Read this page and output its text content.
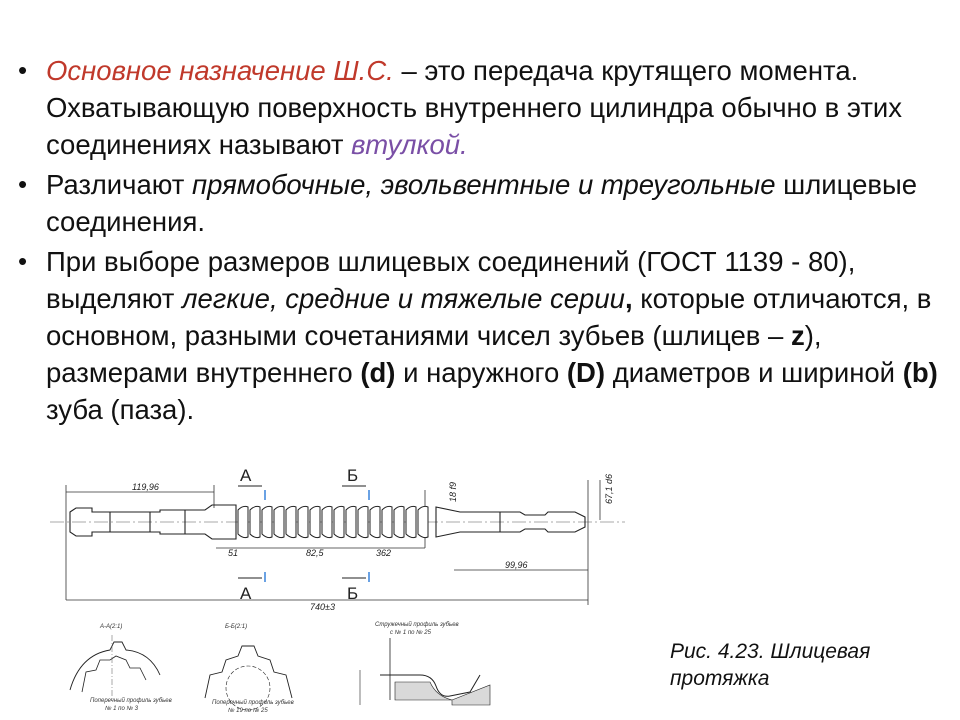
• Основное назначение Ш.С. – это передача крутящего момента. Охватывающую поверхность внутреннего цилиндра обычно в этих соединениях называют втулкой.
• Различают прямобочные, эвольвентные и треугольные шлицевые соединения.
• При выборе размеров шлицевых соединений (ГОСТ 1139 - 80), выделяют легкие, средние и тяжелые серии, которые отличаются, в основном, разными сочетаниями чисел зубьев (шлицев – z), размерами внутреннего (d) и наружного (D) диаметров и шириной (b) зуба (паза).
А
А
Б
Б
119,96
740±3
99,96
51	82,5	362
18 f9	67,1 d6
А-А(2:1)
Поперечный профиль зубьев
№ 1 по № 3
Б-Б(2:1)
Поперечный профиль зубьев
№ 19 по № 25
Стружечный профиль зубьев
с № 1 по № 25
Рис. 4.23. Шлицевая
протяжка
